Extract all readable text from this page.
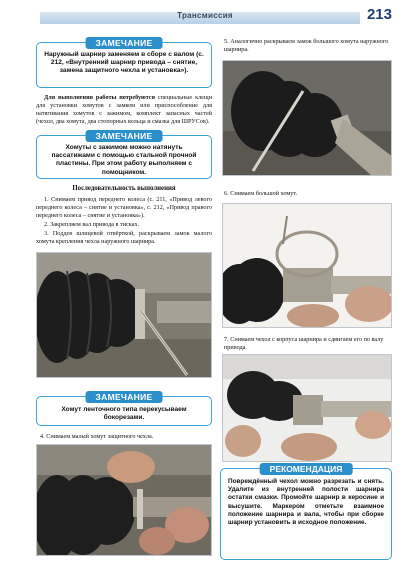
Трансмиссия	213
ЗАМЕЧАНИЕ
Наружный шарнир заменяем в сборе с валом (с. 212, «Внутренний шарнир привода – снятие, замена защитного чехла и установка»).

Для выполнения работы потребуются специальные клещи для установки хомутов с замком или приспособление для натягивания хомутов с зажимом, комплект запасных частей (чехол, два хомута, два стопорных кольца и смазка для ШРУСов).

ЗАМЕЧАНИЕ
Хомуты с зажимом можно натянуть пассатижами с помощью стальной прочной пластины. При этом работу выполняем с помощником.
Последовательность выполнения

1. Снимаем привод переднего колеса (с. 211, «Привод левого переднего колеса – снятие и установка», с. 212, «Привод правого переднего колеса – снятие и установка»).

2. Закрепляем вал привода в тисках.

3. Поддев шлицевой отвёрткой, раскрываем замок малого хомута крепления чехла наружного шарнира.

ЗАМЕЧАНИЕ
Хомут ленточного типа перекусываем бокорезами.
4. Снимаем малый хомут защитного чехла.
5. Аналогично раскрываем замок большого хомута наружного шарнира.
6. Снимаем большой хомут.
7. Снимаем чехол с корпуса шарнира и сдвигаем его по валу привода.
РЕКОМЕНДАЦИЯ
Повреждённый чехол можно разрезать и снять. Удалите из внутренней полости шарнира остатки смазки. Промойте шарнир в керосине и высушите. Маркером отметьте взаимное положение шарнира и вала, чтобы при сборке шарнир установить в исходное положение.
